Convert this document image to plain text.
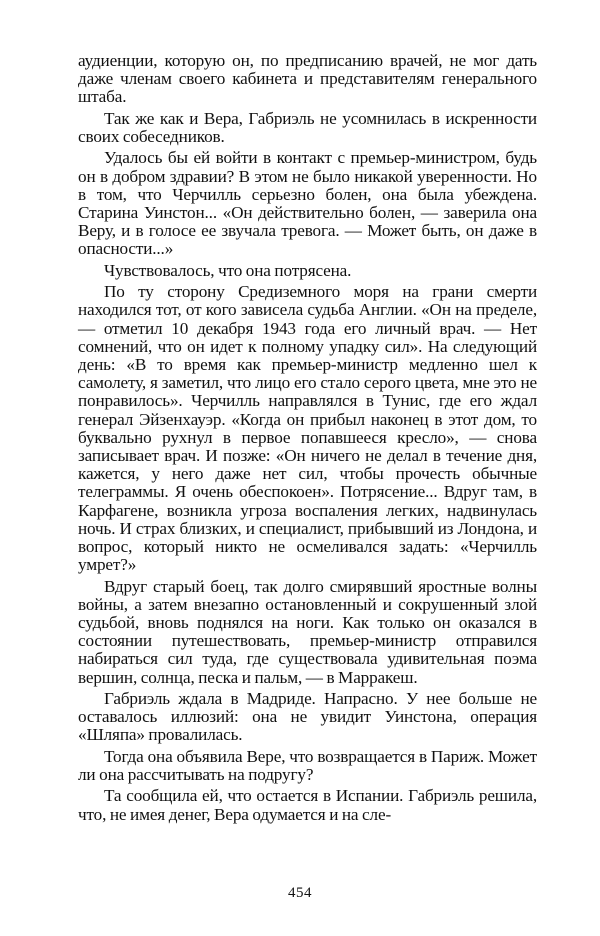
аудиенции, которую он, по предписанию врачей, не мог дать даже членам своего кабинета и представителям генерального штаба.

Так же как и Вера, Габриэль не усомнилась в искренности своих собеседников.

Удалось бы ей войти в контакт с премьер-министром, будь он в добром здравии? В этом не было никакой уверенности. Но в том, что Черчилль серьезно болен, она была убеждена. Старина Уинстон... «Он действительно болен, — заверила она Веру, и в голосе ее звучала тревога. — Может быть, он даже в опасности...»

Чувствовалось, что она потрясена.

По ту сторону Средиземного моря на грани смерти находился тот, от кого зависела судьба Англии. «Он на пределе, — отметил 10 декабря 1943 года его личный врач. — Нет сомнений, что он идет к полному упадку сил». На следующий день: «В то время как премьер-министр медленно шел к самолету, я заметил, что лицо его стало серого цвета, мне это не понравилось». Черчилль направлялся в Тунис, где его ждал генерал Эйзенхауэр. «Когда он прибыл наконец в этот дом, то буквально рухнул в первое попавшееся кресло», — снова записывает врач. И позже: «Он ничего не делал в течение дня, кажется, у него даже нет сил, чтобы прочесть обычные телеграммы. Я очень обеспокоен». Потрясение... Вдруг там, в Карфагене, возникла угроза воспаления легких, надвинулась ночь. И страх близких, и специалист, прибывший из Лондона, и вопрос, который никто не осмеливался задать: «Черчилль умрет?»

Вдруг старый боец, так долго смирявший яростные волны войны, а затем внезапно остановленный и сокрушенный злой судьбой, вновь поднялся на ноги. Как только он оказался в состоянии путешествовать, премьер-министр отправился набираться сил туда, где существовала удивительная поэма вершин, солнца, песка и пальм, — в Марракеш.

Габриэль ждала в Мадриде. Напрасно. У нее больше не оставалось иллюзий: она не увидит Уинстона, операция «Шляпа» провалилась.

Тогда она объявила Вере, что возвращается в Париж. Может ли она рассчитывать на подругу?

Та сообщила ей, что остается в Испании. Габриэль решила, что, не имея денег, Вера одумается и на сле-

454
